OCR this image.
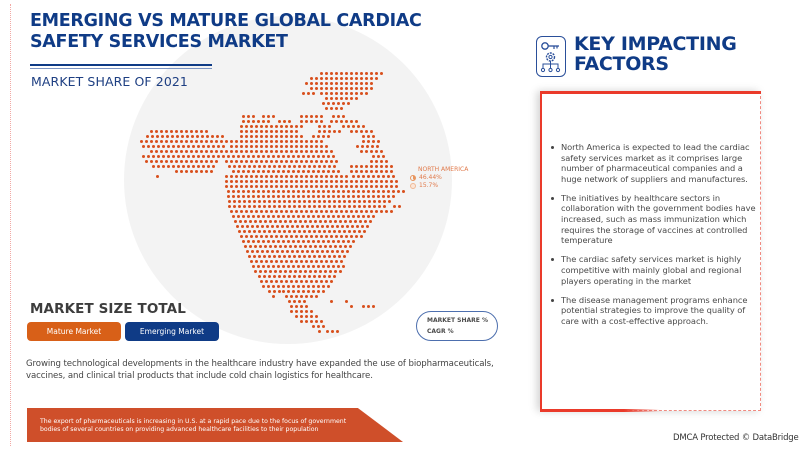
EMERGING VS MATURE GLOBAL CARDIAC SAFETY SERVICES MARKET
MARKET SHARE OF 2021
NORTH AMERICA
46.44%
15.7%
MARKET SIZE TOTAL
Mature Market	Emerging Market
MARKET SHARE %
CAGR %
Growing technological developments in the healthcare industry have expanded the use of biopharmaceuticals, vaccines, and clinical trial products that include cold chain logistics for healthcare.
The export of pharmaceuticals is increasing in U.S. at a rapid pace due to the focus of government bodies of several countries on providing advanced healthcare facilities to their population
KEY IMPACTING
FACTORS
North America is expected to lead the cardiac safety services market as it comprises large number of pharmaceutical companies and a huge network of suppliers and manufactures.
The initiatives by healthcare sectors in collaboration with the government bodies have increased, such as mass immunization which requires the storage of vaccines at controlled temperature
The cardiac safety services market is highly competitive with mainly global and regional players operating in the market
The disease management programs enhance potential strategies to improve the quality of care with a cost-effective approach.
DMCA Protected © DataBridge
